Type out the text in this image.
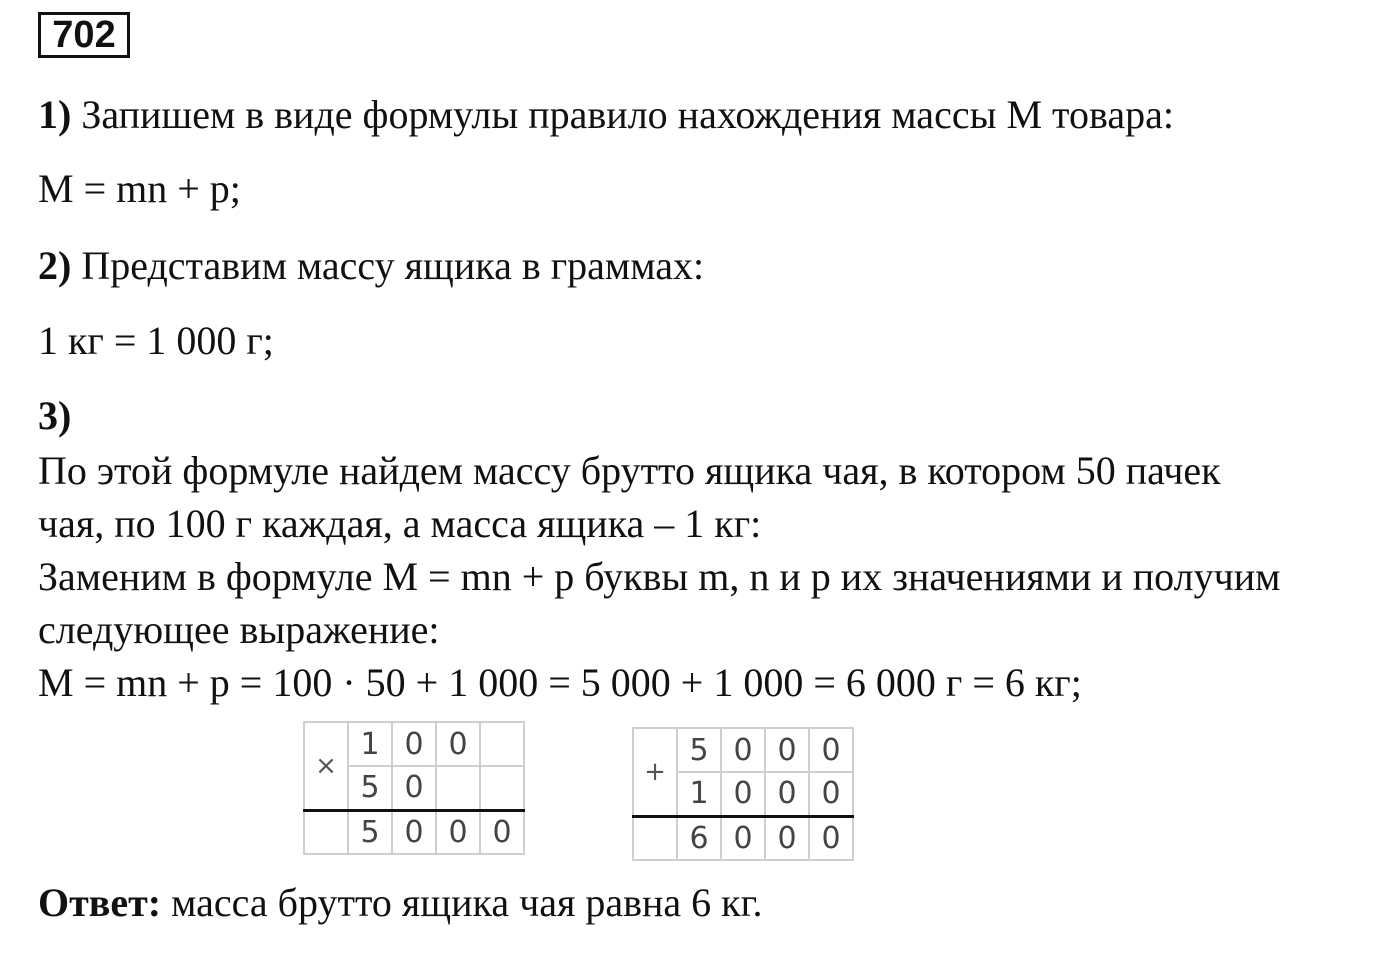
702
1) Запишем в виде формулы правило нахождения массы М товара:
M = mn + p;
2) Представим массу ящика в граммах:
1 кг = 1 000 г;
3)
По этой формуле найдем массу брутто ящика чая, в котором 50 пачек
чая, по 100 г каждая, а масса ящика – 1 кг:
Заменим в формуле M = mn + p буквы m, n и p их значениями и получим
следующее выражение:
M = mn + p = 100 · 50 + 1 000 = 5 000 + 1 000 = 6 000 г = 6 кг;
×	1	0	0	
	5	0		
	5	0	0	0
+	5	0	0	0
	1	0	0	0
	6	0	0	0
Ответ: масса брутто ящика чая равна 6 кг.
